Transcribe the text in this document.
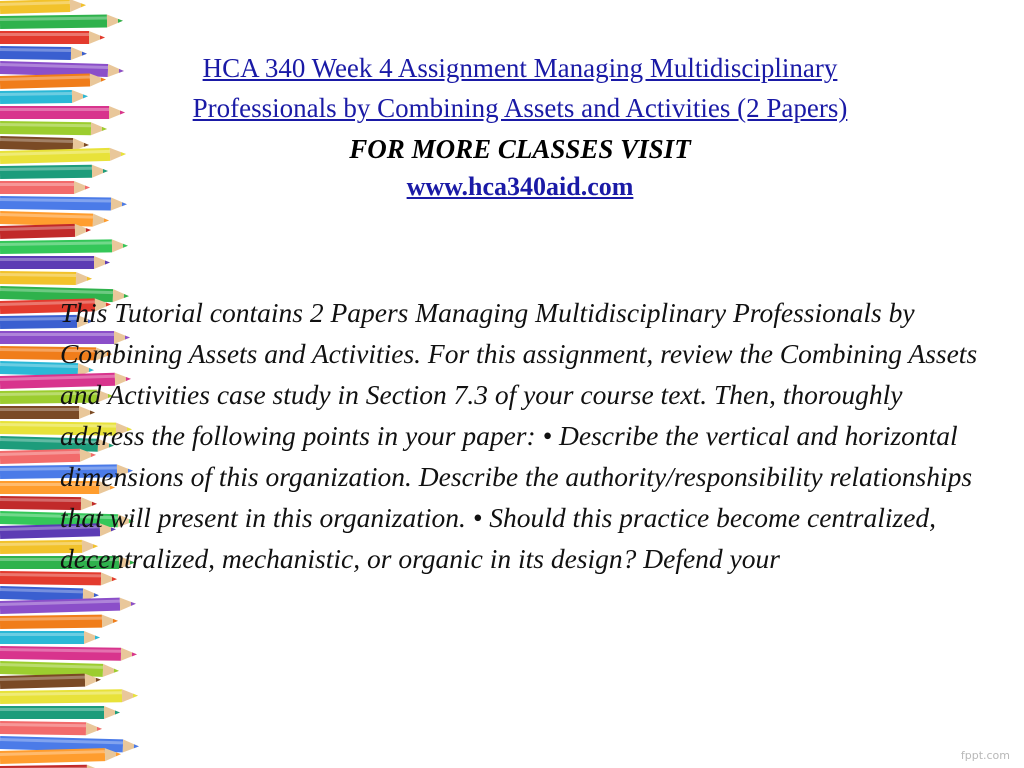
HCA 340 Week 4 Assignment Managing Multidisciplinary
Professionals by Combining Assets and Activities (2 Papers)
FOR MORE CLASSES VISIT
www.hca340aid.com

This Tutorial contains 2 Papers Managing Multidisciplinary Professionals by Combining Assets and Activities. For this assignment, review the Combining Assets and Activities case study in Section 7.3 of your course text. Then, thoroughly address the following points in your paper: • Describe the vertical and horizontal dimensions of this organization. Describe the authority/responsibility relationships that will present in this organization. • Should this practice become centralized, decentralized, mechanistic, or organic in its design? Defend your

fppt.com
